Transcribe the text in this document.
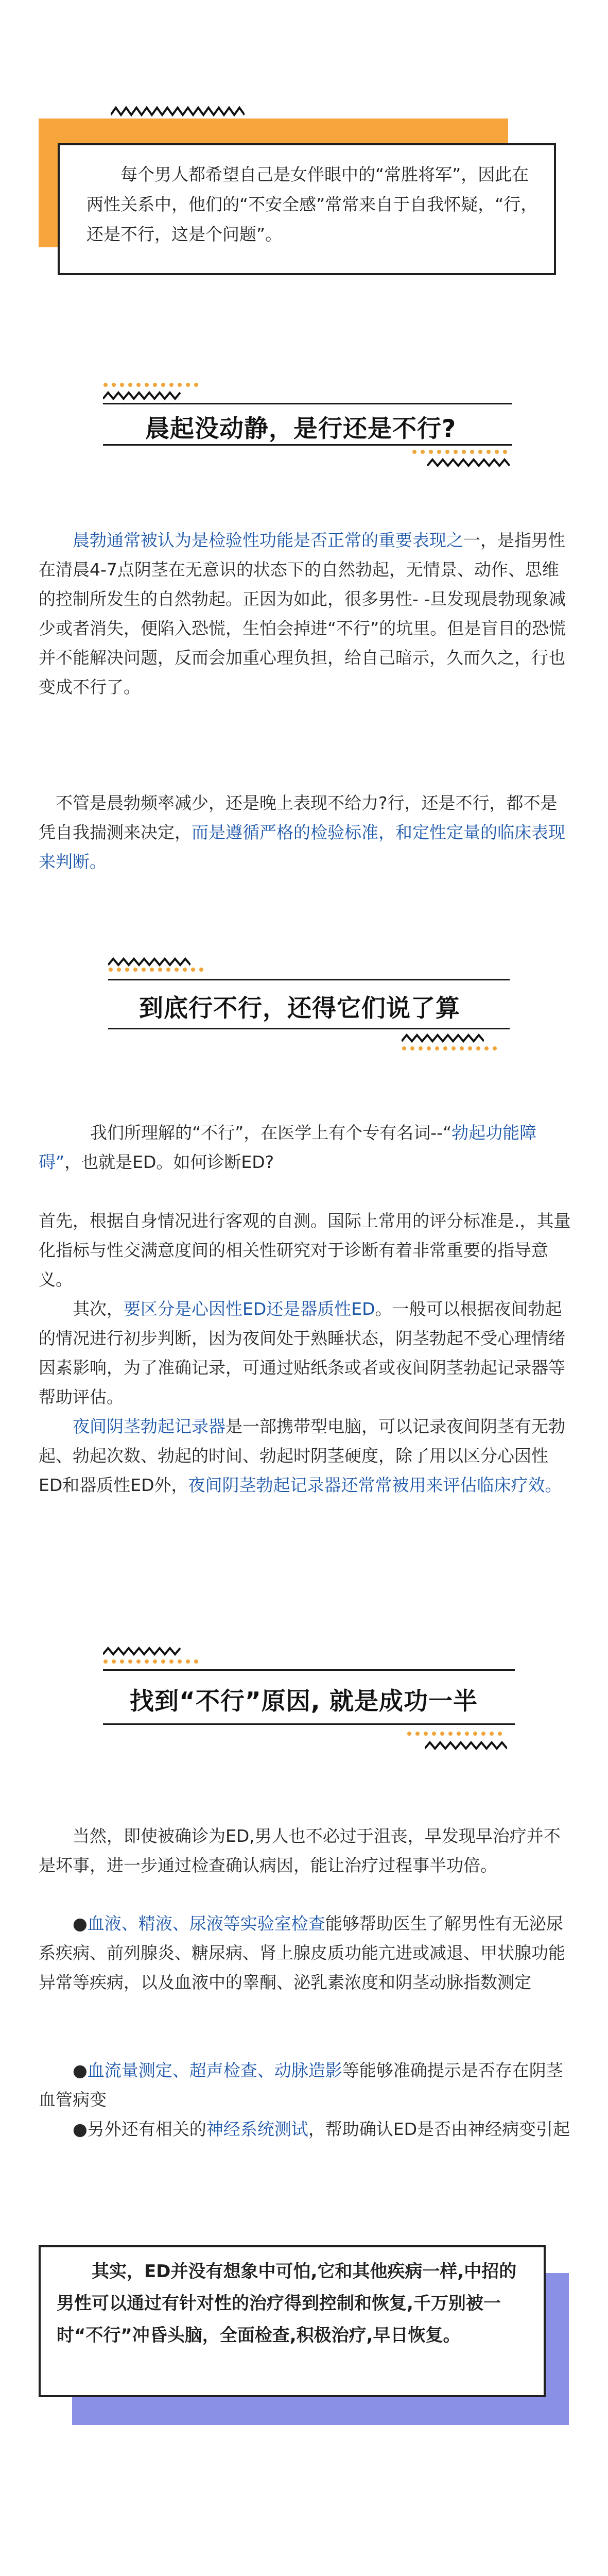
每个男人都希望自己是女伴眼中的“常胜将军”，因此在两性关系中，他们的“不安全感”常常来自于自我怀疑，“行，还是不行，这是个问题”。

晨起没动静，是行还是不行?

晨勃通常被认为是检验性功能是否正常的重要表现之一，是指男性在清晨4-7点阴茎在无意识的状态下的自然勃起，无情景、动作、思维的控制所发生的自然勃起。正因为如此，很多男性- -旦发现晨勃现象减少或者消失，便陷入恐慌，生怕会掉进“不行”的坑里。但是盲目的恐慌并不能解决问题，反而会加重心理负担，给自己暗示，久而久之，行也变成不行了。

不管是晨勃频率减少，还是晚上表现不给力?行，还是不行，都不是凭自我揣测来决定，而是遵循严格的检验标准，和定性定量的临床表现来判断。

到底行不行，还得它们说了算

我们所理解的“不行”，在医学上有个专有名词--“勃起功能障碍”，也就是ED。如何诊断ED?

首先，根据自身情况进行客观的自测。国际上常用的评分标准是.，其量化指标与性交满意度间的相关性研究对于诊断有着非常重要的指导意义。

其次，要区分是心因性ED还是器质性ED。一般可以根据夜间勃起的情况进行初步判断，因为夜间处于熟睡状态，阴茎勃起不受心理情绪因素影响，为了准确记录，可通过贴纸条或者或夜间阴茎勃起记录器等帮助评估。

夜间阴茎勃起记录器是一部携带型电脑，可以记录夜间阴茎有无勃起、勃起次数、勃起的时间、勃起时阴茎硬度，除了用以区分心因性ED和器质性ED外，夜间阴茎勃起记录器还常常被用来评估临床疗效。

找到“不行”原因, 就是成功一半

当然，即使被确诊为ED,男人也不必过于沮丧，早发现早治疗并不是坏事，进一步通过检查确认病因，能让治疗过程事半功倍。

●血液、精液、尿液等实验室检查能够帮助医生了解男性有无泌尿系疾病、前列腺炎、糖尿病、肾上腺皮质功能亢进或减退、甲状腺功能异常等疾病，以及血液中的睾酮、泌乳素浓度和阴茎动脉指数测定

●血流量测定、超声检查、动脉造影等能够准确提示是否存在阴茎血管病变

●另外还有相关的神经系统测试，帮助确认ED是否由神经病变引起

其实，ED并没有想象中可怕,它和其他疾病一样,中招的男性可以通过有针对性的治疗得到控制和恢复,千万别被一时“不行”冲昏头脑，全面检查,积极治疗,早日恢复。
